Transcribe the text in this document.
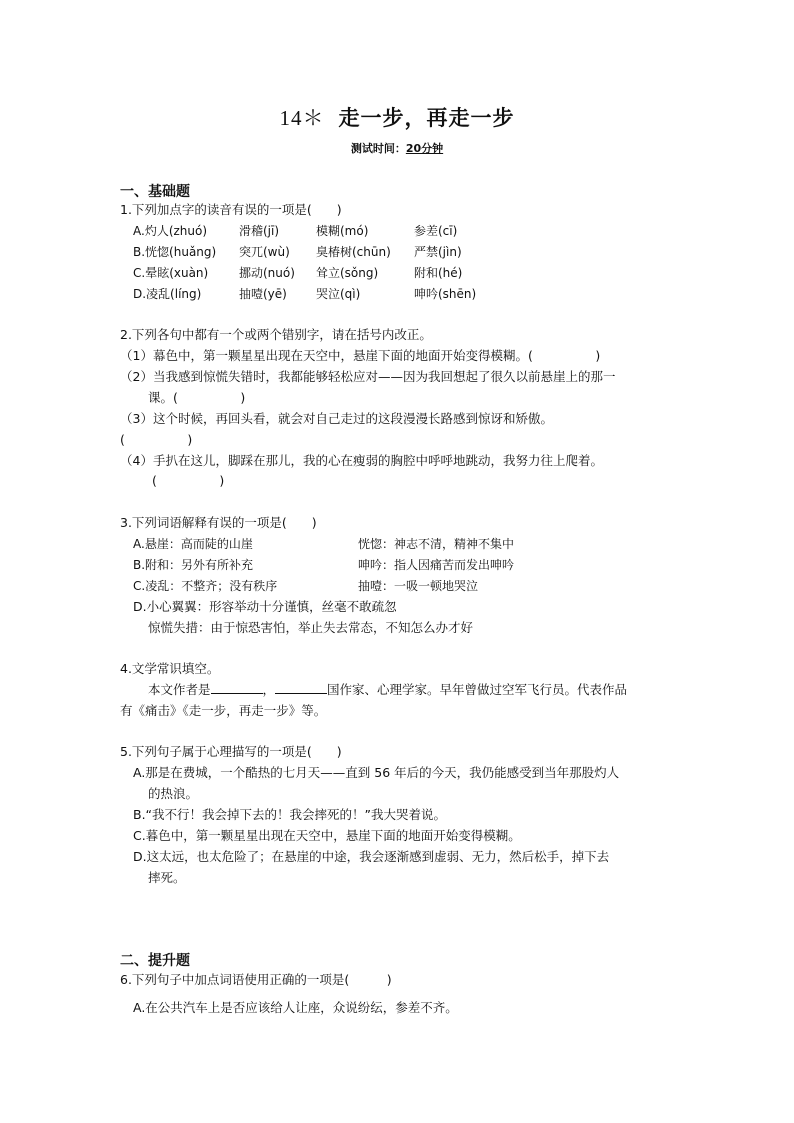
14＊ 走一步，再走一步
测试时间：20分钟
一、基础题
1.下列加点字的读音有误的一项是(　　)
A.灼人(zhuó)	滑稽(jī)	模糊(mó)	参差(cī)
B.恍惚(huǎng) 突兀(wù) 臭椿树(chūn) 严禁(jìn)
C.晕眩(xuàn)	挪动(nuó) 耸立(sǒng)	附和(hé)
D.凌乱(líng)	抽噎(yē) 哭泣(qì)	呻吟(shēn)
2.下列各句中都有一个或两个错别字，请在括号内改正。
（1）幕色中，第一颗星星出现在天空中，悬崖下面的地面开始变得模糊。(　　　　　)
（2）当我感到惊慌失错时，我都能够轻松应对——因为我回想起了很久以前悬崖上的那一
课。(　　　　　)
（3）这个时候，再回头看，就会对自己走过的这段漫漫长路感到惊讶和矫傲。
(　　　　　)
（4）手扒在这儿，脚踩在那儿，我的心在瘦弱的胸腔中呼呼地跳动，我努力往上爬着。
(　　　　　)
3.下列词语解释有误的一项是(　　)
A.悬崖：高而陡的山崖	恍惚：神志不清，精神不集中
B.附和：另外有所补充	呻吟：指人因痛苦而发出呻吟
C.凌乱：不整齐；没有秩序	抽噎：一吸一顿地哭泣
D.小心翼翼：形容举动十分谨慎，丝毫不敢疏忽
惊慌失措：由于惊恐害怕，举止失去常态，不知怎么办才好
4.文学常识填空。
本文作者是	，	国作家、心理学家。早年曾做过空军飞行员。代表作品
有《痛击》《走一步，再走一步》等。
5.下列句子属于心理描写的一项是(　　)
A.那是在费城，一个酷热的七月天——直到 56 年后的今天，我仍能感受到当年那股灼人
的热浪。
B.“我不行！我会掉下去的！我会摔死的！”我大哭着说。
C.暮色中，第一颗星星出现在天空中，悬崖下面的地面开始变得模糊。
D.这太远，也太危险了；在悬崖的中途，我会逐渐感到虚弱、无力，然后松手，掉下去
摔死。
二、提升题
6.下列句子中加点词语使用正确的一项是(　　　)
A.在公共汽车上是否应该给人让座，众说纷纭，参差不齐。
